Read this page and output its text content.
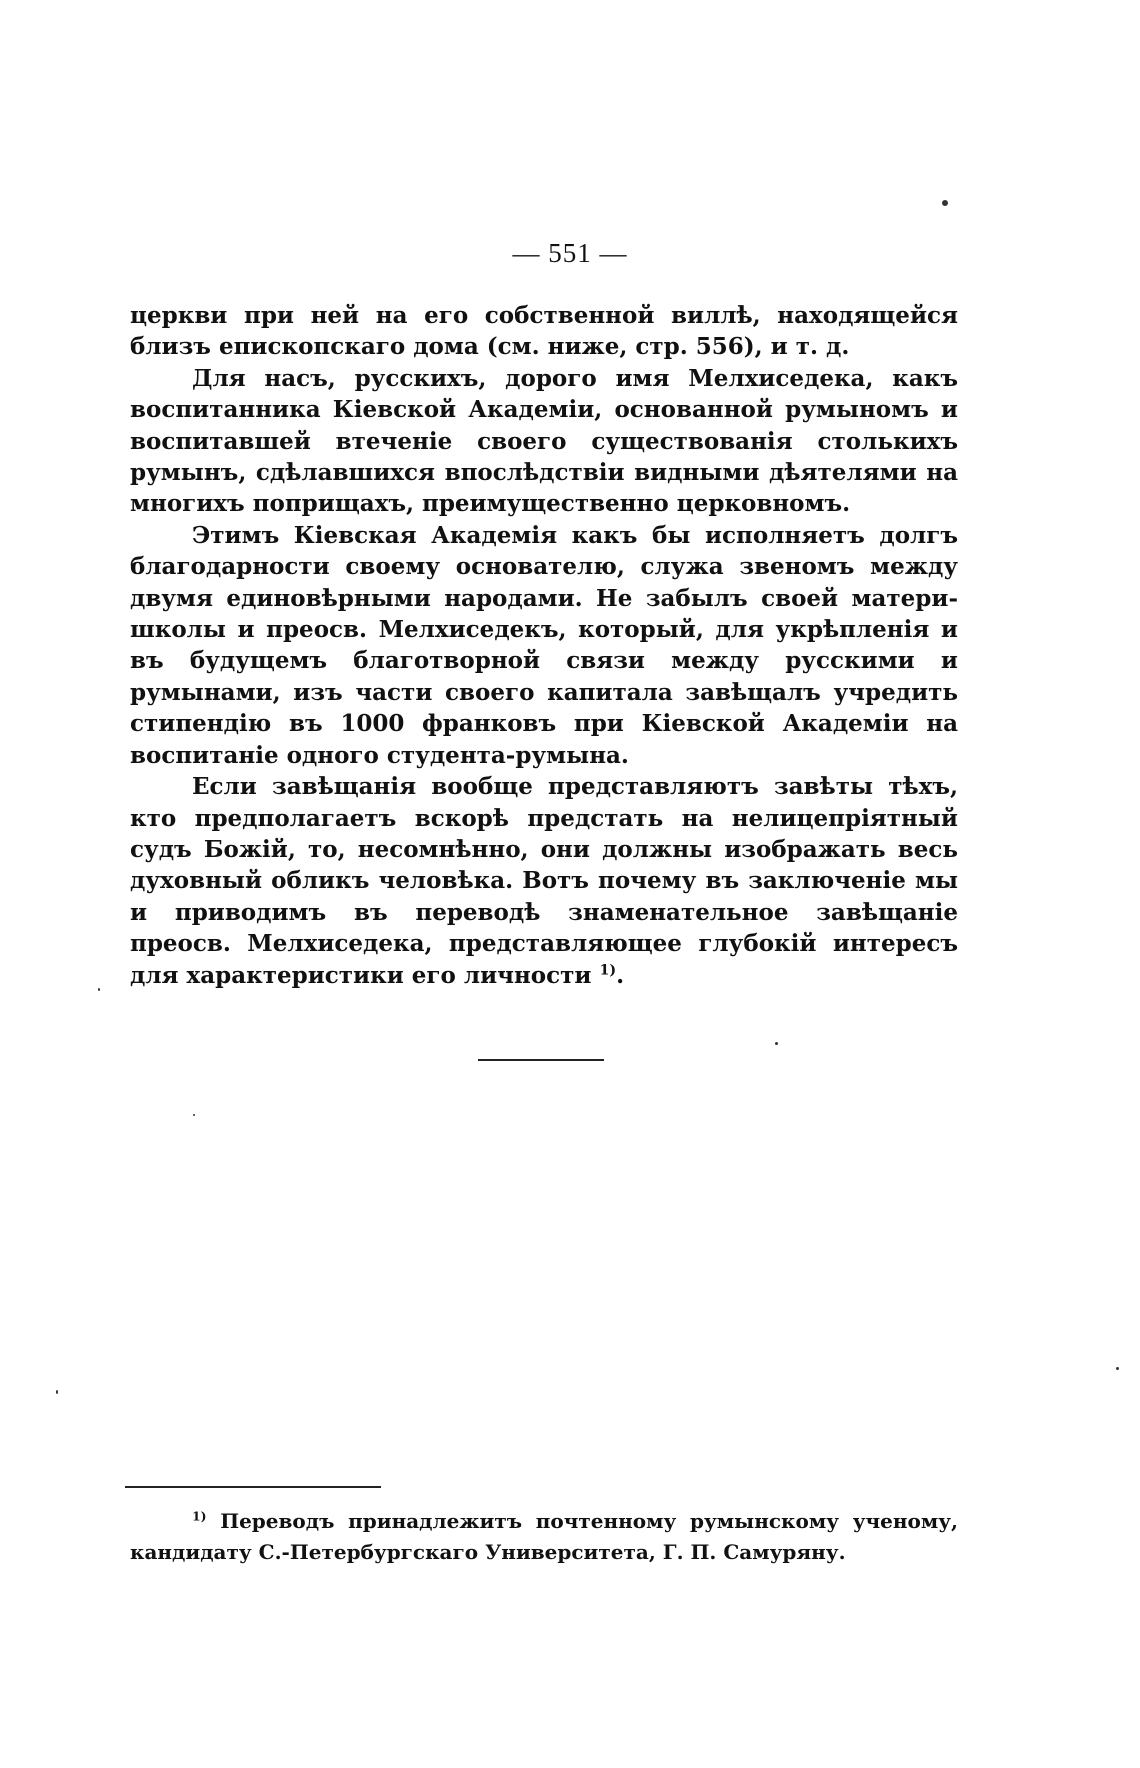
— 551 —

церкви при ней на его собственной виллѣ, находящейся близъ епископскаго дома (см. ниже, стр. 556), и т. д.

Для насъ, русскихъ, дорого имя Мелхиседека, какъ воспитанника Кіевской Академіи, основанной румыномъ и воспитавшей втеченіе своего существованія столькихъ румынъ, сдѣлавшихся впослѣдствіи видными дѣятелями на многихъ поприщахъ, преимущественно церковномъ.

Этимъ Кіевская Академія какъ бы исполняетъ долгъ благодарности своему основателю, служа звеномъ между двумя единовѣрными народами. Не забылъ своей матери-школы и преосв. Мелхиседекъ, который, для укрѣпленія и въ будущемъ благотворной связи между русскими и румынами, изъ части своего капитала завѣщалъ учредить стипендію въ 1000 франковъ при Кіевской Академіи на воспитаніе одного студента-румына.

Если завѣщанія вообще представляютъ завѣты тѣхъ, кто предполагаетъ вскорѣ предстать на нелицепріятный судъ Божій, то, несомнѣнно, они должны изображать весь духовный обликъ человѣка. Вотъ почему въ заключеніе мы и приводимъ въ переводѣ знаменательное завѣщаніе преосв. Мелхиседека, представляющее глубокій интересъ для характеристики его личности $^{1)}$.

$^{1)}$ Переводъ принадлежитъ почтенному румынскому ученому, кандидату С.-Петербургскаго Университета, Г. П. Самуряну.
